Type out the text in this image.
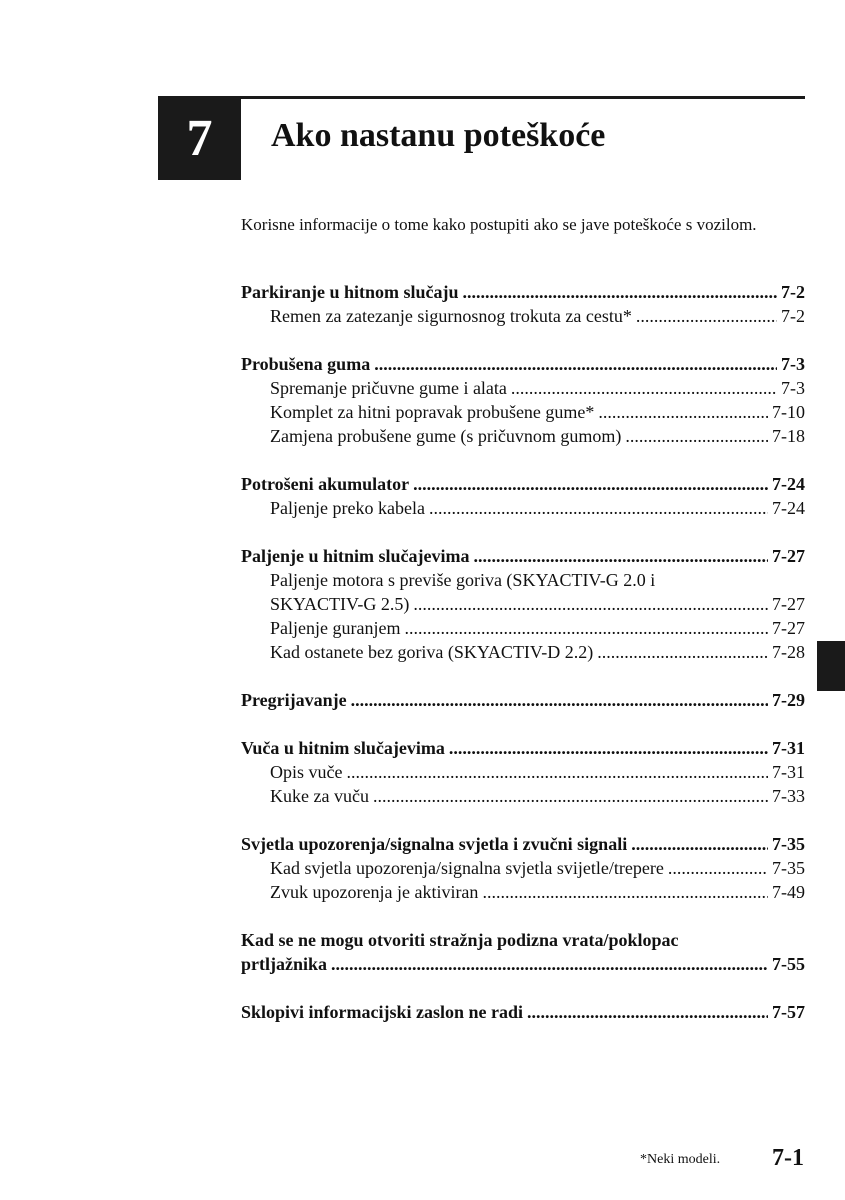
7 Ako nastanu poteškoće
Korisne informacije o tome kako postupiti ako se jave poteškoće s vozilom.
Parkiranje u hitnom slučaju .....	7-2
Remen za zatezanje sigurnosnog trokuta za cestu* .....	7-2
Probušena guma .....	7-3
Spremanje pričuvne gume i alata .....	7-3
Komplet za hitni popravak probušene gume* .....	7-10
Zamjena probušene gume (s pričuvnom gumom) .....	7-18
Potrošeni akumulator .....	7-24
Paljenje preko kabela .....	7-24
Paljenje u hitnim slučajevima .....	7-27
Paljenje motora s previše goriva (SKYACTIV-G 2.0 i
SKYACTIV-G 2.5) .....	7-27
Paljenje guranjem .....	7-27
Kad ostanete bez goriva (SKYACTIV-D 2.2) .....	7-28
Pregrijavanje .....	7-29
Vuča u hitnim slučajevima .....	7-31
Opis vuče .....	7-31
Kuke za vuču .....	7-33
Svjetla upozorenja/signalna svjetla i zvučni signali .....	7-35
Kad svjetla upozorenja/signalna svjetla svijetle/trepere .....	7-35
Zvuk upozorenja je aktiviran .....	7-49
Kad se ne mogu otvoriti stražnja podizna vrata/poklopac
prtljažnika .....	7-55
Sklopivi informacijski zaslon ne radi .....	7-57
*Neki modeli. 7-1
